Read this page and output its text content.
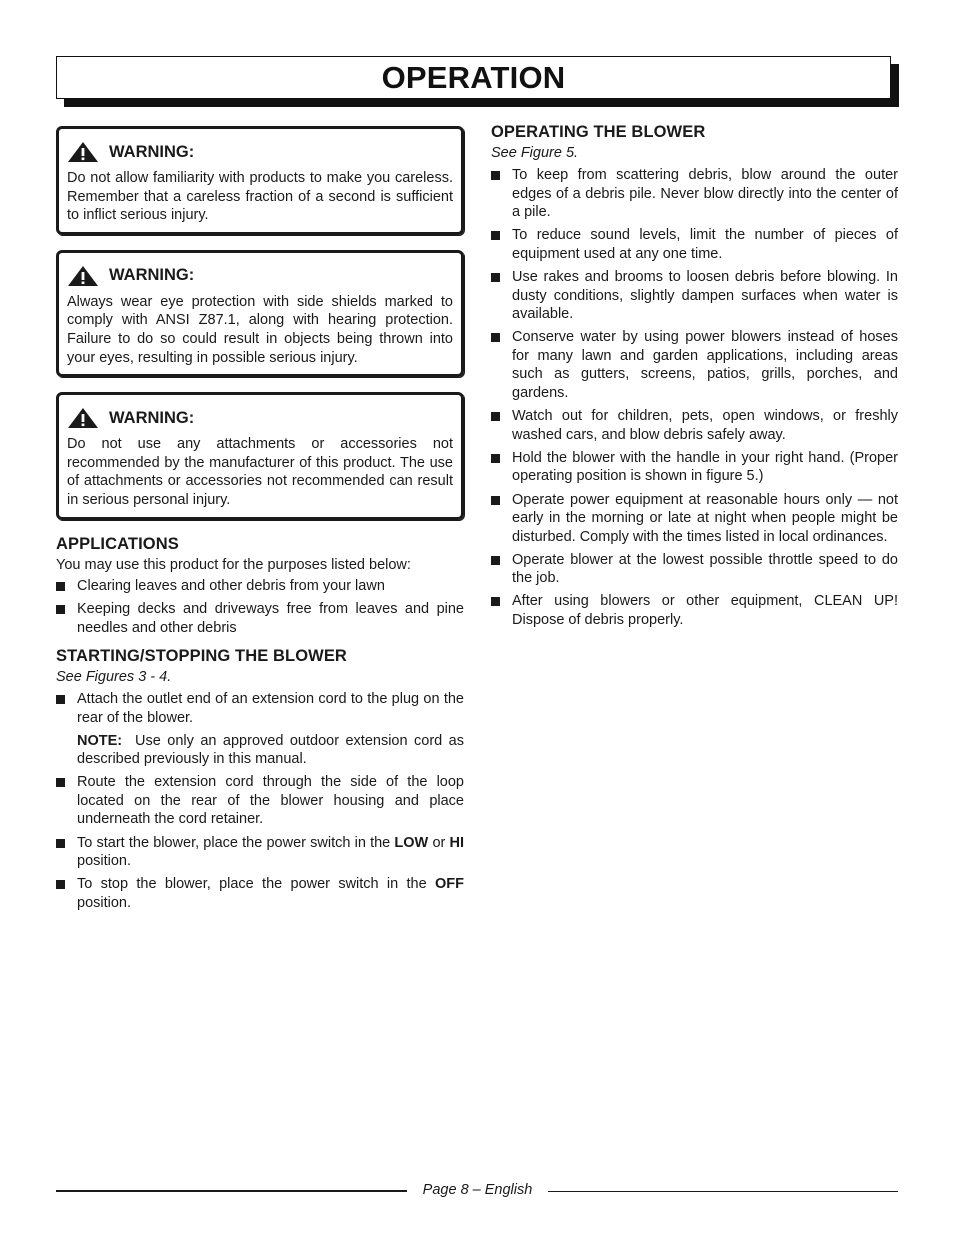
OPERATION
WARNING:

Do not allow familiarity with products to make you careless. Remember that a careless fraction of a second is sufficient to inflict serious injury.

WARNING:

Always wear eye protection with side shields marked to comply with ANSI Z87.1, along with hearing protection. Failure to do so could result in objects being thrown into your eyes, resulting in possible serious injury.

WARNING:

Do not use any attachments or accessories not recommended by the manufacturer of this product. The use of attachments or accessories not recommended can result in serious personal injury.

APPLICATIONS

You may use this product for the purposes listed below:

Clearing leaves and other debris from your lawn
Keeping decks and driveways free from leaves and pine needles and other debris
STARTING/STOPPING THE BLOWER

See Figures 3 - 4.

Attach the outlet end of an extension cord to the plug on the rear of the blower.
NOTE: Use only an approved outdoor extension cord as described previously in this manual.
Route the extension cord through the side of the loop located on the rear of the blower housing and place underneath the cord retainer.
To start the blower, place the power switch in the LOW or HI position.
To stop the blower, place the power switch in the OFF position.
OPERATING THE BLOWER

See Figure 5.

To keep from scattering debris, blow around the outer edges of a debris pile. Never blow directly into the center of a pile.
To reduce sound levels, limit the number of pieces of equipment used at any one time.
Use rakes and brooms to loosen debris before blowing. In dusty conditions, slightly dampen surfaces when water is available.
Conserve water by using power blowers instead of hoses for many lawn and garden applications, including areas such as gutters, screens, patios, grills, porches, and gardens.
Watch out for children, pets, open windows, or freshly washed cars, and blow debris safely away.
Hold the blower with the handle in your right hand. (Proper operating position is shown in figure 5.)
Operate power equipment at reasonable hours only — not early in the morning or late at night when people might be disturbed. Comply with the times listed in local ordinances.
Operate blower at the lowest possible throttle speed to do the job.
After using blowers or other equipment, CLEAN UP! Dispose of debris properly.
Page 8 – English
